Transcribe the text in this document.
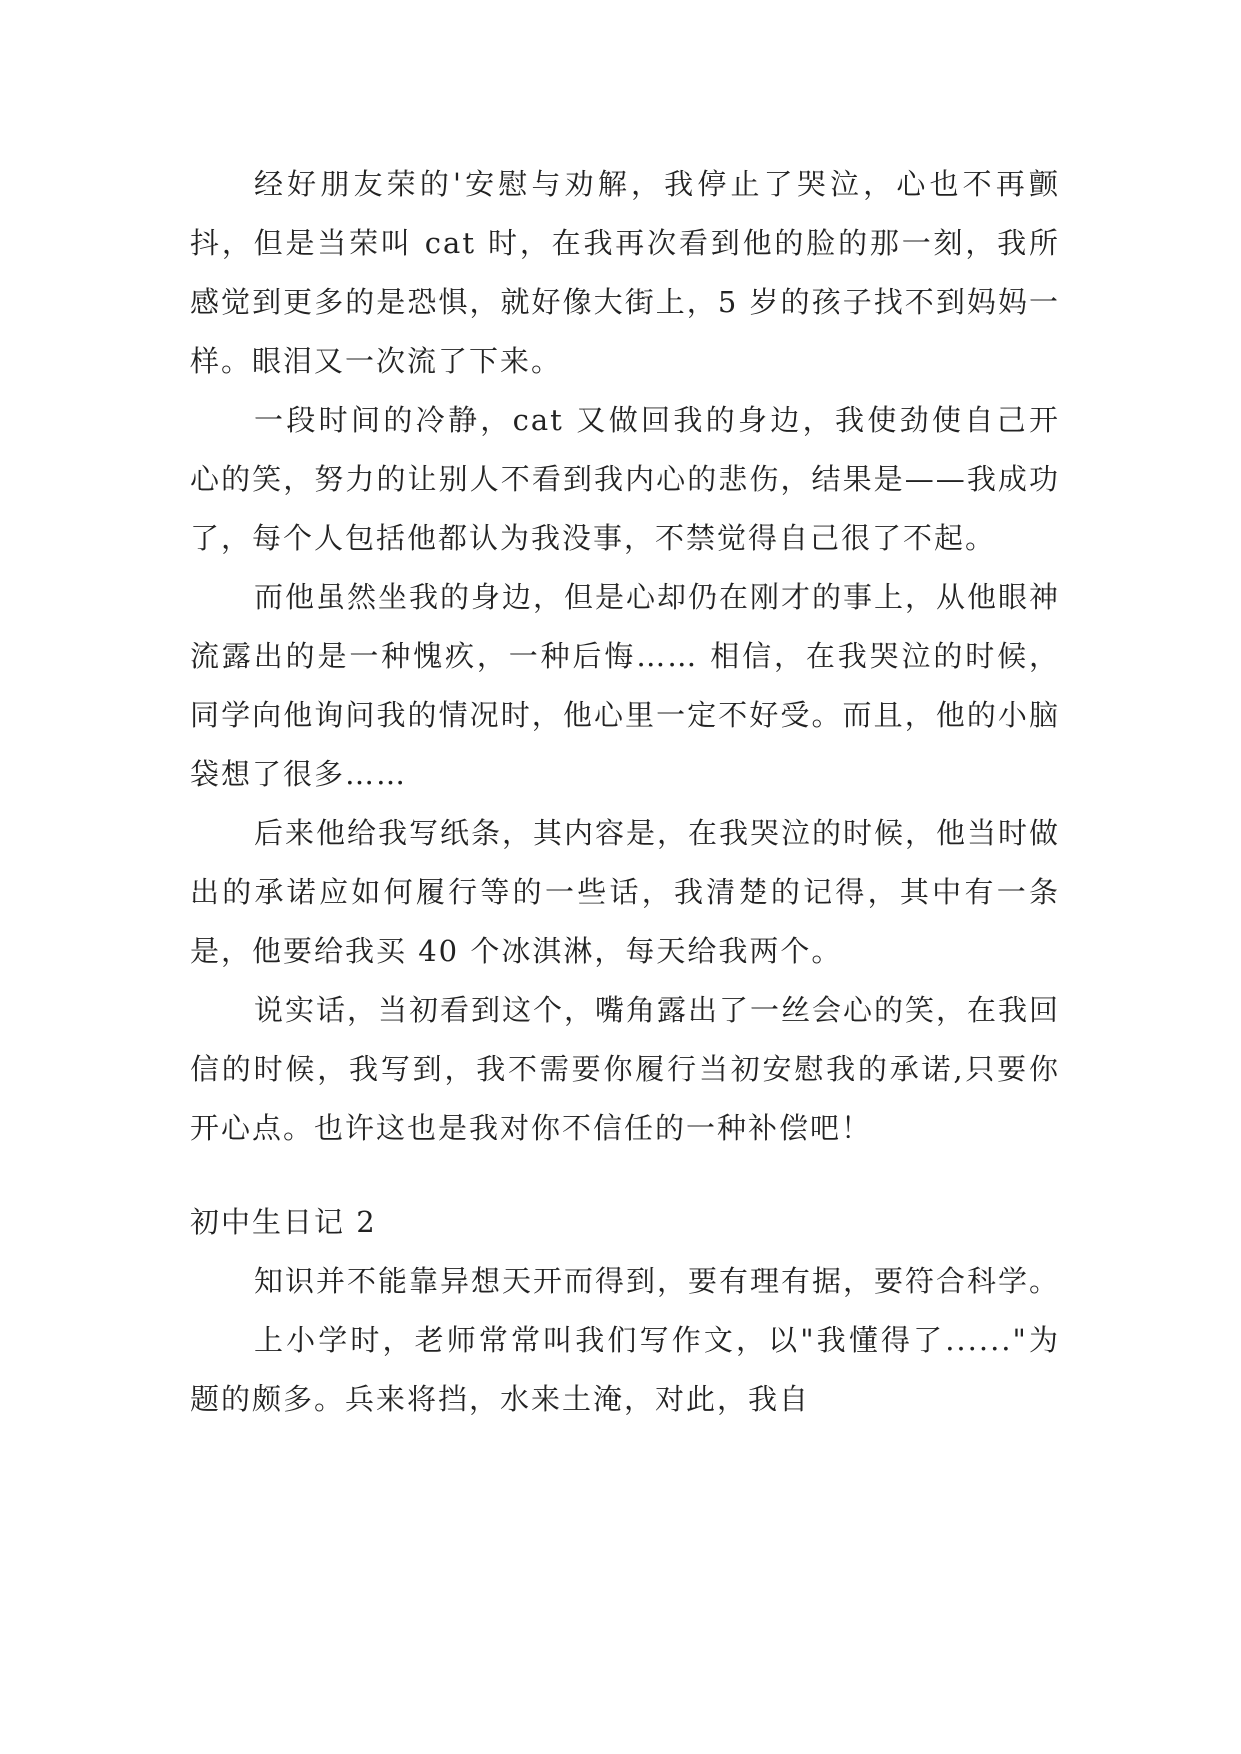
经好朋友荣的'安慰与劝解，我停止了哭泣，心也不再颤抖，但是当荣叫 cat 时，在我再次看到他的脸的那一刻，我所感觉到更多的是恐惧，就好像大街上，5 岁的孩子找不到妈妈一样。眼泪又一次流了下来。

一段时间的冷静，cat 又做回我的身边，我使劲使自己开心的笑，努力的让别人不看到我内心的悲伤，结果是——我成功了，每个人包括他都认为我没事，不禁觉得自己很了不起。

而他虽然坐我的身边，但是心却仍在刚才的事上，从他眼神流露出的是一种愧疚，一种后悔…… 相信，在我哭泣的时候，同学向他询问我的情况时，他心里一定不好受。而且，他的小脑袋想了很多……

后来他给我写纸条，其内容是，在我哭泣的时候，他当时做出的承诺应如何履行等的一些话，我清楚的记得，其中有一条是，他要给我买 40 个冰淇淋，每天给我两个。

说实话，当初看到这个，嘴角露出了一丝会心的笑，在我回信的时候，我写到，我不需要你履行当初安慰我的承诺,只要你开心点。也许这也是我对你不信任的一种补偿吧！

初中生日记 2

知识并不能靠异想天开而得到，要有理有据，要符合科学。

上小学时，老师常常叫我们写作文，以"我懂得了......"为题的颇多。兵来将挡，水来土淹，对此，我自
